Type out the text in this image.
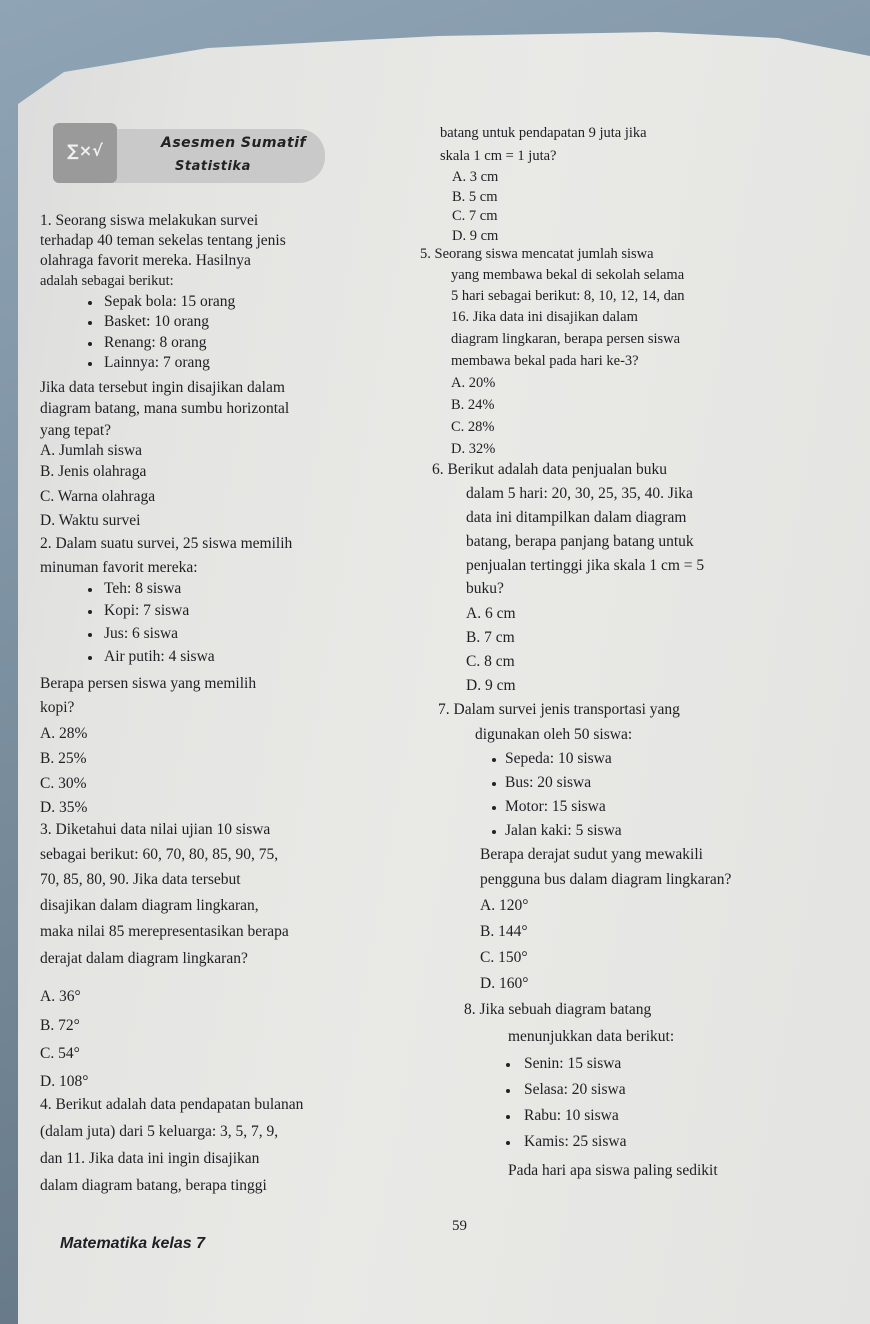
∑×√	Asesmen Sumatif
Statistika
1. Seorang siswa melakukan survei
terhadap 40 teman sekelas tentang jenis
olahraga favorit mereka. Hasilnya
adalah sebagai berikut:
Sepak bola: 15 orang
Basket: 10 orang
Renang: 8 orang
Lainnya: 7 orang
Jika data tersebut ingin disajikan dalam
diagram batang, mana sumbu horizontal
yang tepat?
A. Jumlah siswa
B. Jenis olahraga
C. Warna olahraga
D. Waktu survei
2. Dalam suatu survei, 25 siswa memilih
minuman favorit mereka:
Teh: 8 siswa
Kopi: 7 siswa
Jus: 6 siswa
Air putih: 4 siswa
Berapa persen siswa yang memilih
kopi?
A. 28%
B. 25%
C. 30%
D. 35%
3. Diketahui data nilai ujian 10 siswa
sebagai berikut: 60, 70, 80, 85, 90, 75,
70, 85, 80, 90. Jika data tersebut
disajikan dalam diagram lingkaran,
maka nilai 85 merepresentasikan berapa
derajat dalam diagram lingkaran?
A. 36°
B. 72°
C. 54°
D. 108°
4. Berikut adalah data pendapatan bulanan
(dalam juta) dari 5 keluarga: 3, 5, 7, 9,
dan 11. Jika data ini ingin disajikan
dalam diagram batang, berapa tinggi
batang untuk pendapatan 9 juta jika
skala 1 cm = 1 juta?
A. 3 cm
B. 5 cm
C. 7 cm
D. 9 cm
5. Seorang siswa mencatat jumlah siswa
yang membawa bekal di sekolah selama
5 hari sebagai berikut: 8, 10, 12, 14, dan
16. Jika data ini disajikan dalam
diagram lingkaran, berapa persen siswa
membawa bekal pada hari ke-3?
A. 20%
B. 24%
C. 28%
D. 32%
6. Berikut adalah data penjualan buku
dalam 5 hari: 20, 30, 25, 35, 40. Jika
data ini ditampilkan dalam diagram
batang, berapa panjang batang untuk
penjualan tertinggi jika skala 1 cm = 5
buku?
A. 6 cm
B. 7 cm
C. 8 cm
D. 9 cm
7. Dalam survei jenis transportasi yang
digunakan oleh 50 siswa:
Sepeda: 10 siswa
Bus: 20 siswa
Motor: 15 siswa
Jalan kaki: 5 siswa
Berapa derajat sudut yang mewakili
pengguna bus dalam diagram lingkaran?
A. 120°
B. 144°
C. 150°
D. 160°
8. Jika sebuah diagram batang
menunjukkan data berikut:
Senin: 15 siswa
Selasa: 20 siswa
Rabu: 10 siswa
Kamis: 25 siswa
Pada hari apa siswa paling sedikit
59
Matematika kelas 7
